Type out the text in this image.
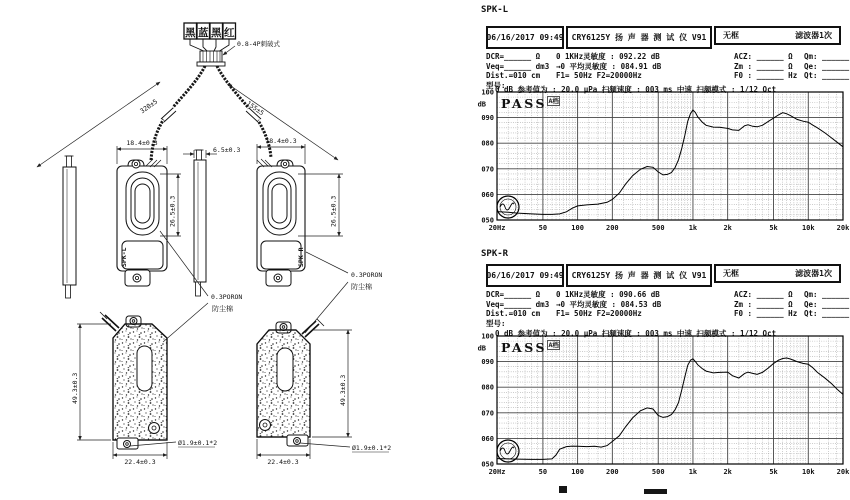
黑 蓝 黑 红
0.8-4P刺破式
320±5	155±5
6.5±0.3
SPK-L	SPK-R
18.4±0.3	18.4±0.3
26.5±0.3	26.5±0.3
22.4±0.3	22.4±0.3
49.3±0.3	49.3±0.3
Ø1.9±0.1*2
Ø1.9±0.1*2
0.3PORON
防尘棉
0.3PORON
防尘棉
SPK-L
06/16/2017 09:49	CRY6125Y 扬 声 器 测 试 仪 V91	无框	滤波器1次
DCR=______ Ω	0 1KHz灵敏度 : 092.22 dB	ACZ: ______ Ω	Qm: ______
Veq=______ dm3 →0 平均灵敏度 : 084.91 dB	Zm : ______ Ω	Qe: ______
Dist.=010 cm	F1= 50Hz F2=20000Hz	F0 : ______ Hz Qt: ______
型号:
0 dB 参考值为 : 20.0 μPa 扫频速度 : 003 ms 中速 扫频模式 : 1/12 Oct
20Hz	50	100	200	500	1k	2k	5k	10k	20k
100
090
080
070
060
050
dB PASS $^{A档}$
SPK-R
06/16/2017 09:49	CRY6125Y 扬 声 器 测 试 仪 V91	无框	滤波器1次
DCR=______ Ω	0 1KHz灵敏度 : 090.66 dB	ACZ: ______ Ω	Qm: ______
Veq=______ dm3 →0 平均灵敏度 : 084.53 dB	Zm : ______ Ω	Qe: ______
Dist.=010 cm	F1= 50Hz F2=20000Hz	F0 : ______ Hz Qt: ______
型号:
0 dB 参考值为 : 20.0 μPa 扫频速度 : 003 ms 中速 扫频模式 : 1/12 Oct
20Hz	50	100	200	500	1k	2k	5k	10k	20k
100
090
080
070
060
050
dB PASS $^{A档}$
